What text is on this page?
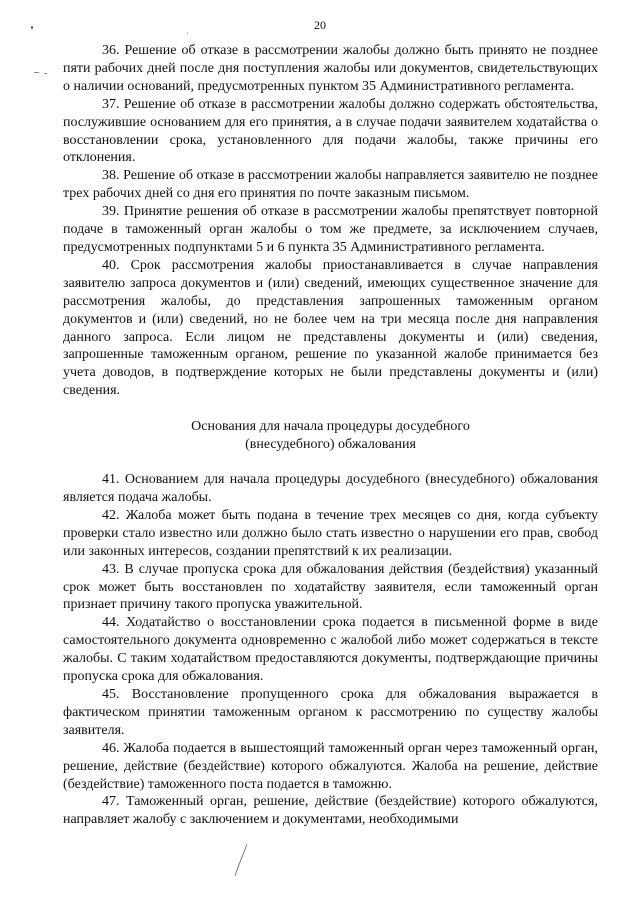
20

36. Решение об отказе в рассмотрении жалобы должно быть принято не позднее пяти рабочих дней после дня поступления жалобы или документов, свидетельствующих о наличии оснований, предусмотренных пунктом 35 Административного регламента.

37. Решение об отказе в рассмотрении жалобы должно содержать обстоятельства, послужившие основанием для его принятия, а в случае подачи заявителем ходатайства о восстановлении срока, установленного для подачи жалобы, также причины его отклонения.

38. Решение об отказе в рассмотрении жалобы направляется заявителю не позднее трех рабочих дней со дня его принятия по почте заказным письмом.

39. Принятие решения об отказе в рассмотрении жалобы препятствует повторной подаче в таможенный орган жалобы о том же предмете, за исключением случаев, предусмотренных подпунктами 5 и 6 пункта 35 Административного регламента.

40. Срок рассмотрения жалобы приостанавливается в случае направления заявителю запроса документов и (или) сведений, имеющих существенное значение для рассмотрения жалобы, до представления запрошенных таможенным органом документов и (или) сведений, но не более чем на три месяца после дня направления данного запроса. Если лицом не представлены документы и (или) сведения, запрошенные таможенным органом, решение по указанной жалобе принимается без учета доводов, в подтверждение которых не были представлены документы и (или) сведения.

Основания для начала процедуры досудебного
(внесудебного) обжалования

41. Основанием для начала процедуры досудебного (внесудебного) обжалования является подача жалобы.

42. Жалоба может быть подана в течение трех месяцев со дня, когда субъекту проверки стало известно или должно было стать известно о нарушении его прав, свобод или законных интересов, создании препятствий к их реализации.

43. В случае пропуска срока для обжалования действия (бездействия) указанный срок может быть восстановлен по ходатайству заявителя, если таможенный орган признает причину такого пропуска уважительной.

44. Ходатайство о восстановлении срока подается в письменной форме в виде самостоятельного документа одновременно с жалобой либо может содержаться в тексте жалобы. С таким ходатайством предоставляются документы, подтверждающие причины пропуска срока для обжалования.

45. Восстановление пропущенного срока для обжалования выражается в фактическом принятии таможенным органом к рассмотрению по существу жалобы заявителя.

46. Жалоба подается в вышестоящий таможенный орган через таможенный орган, решение, действие (бездействие) которого обжалуются. Жалоба на решение, действие (бездействие) таможенного поста подается в таможню.

47. Таможенный орган, решение, действие (бездействие) которого обжалуются, направляет жалобу с заключением и документами, необходимыми
